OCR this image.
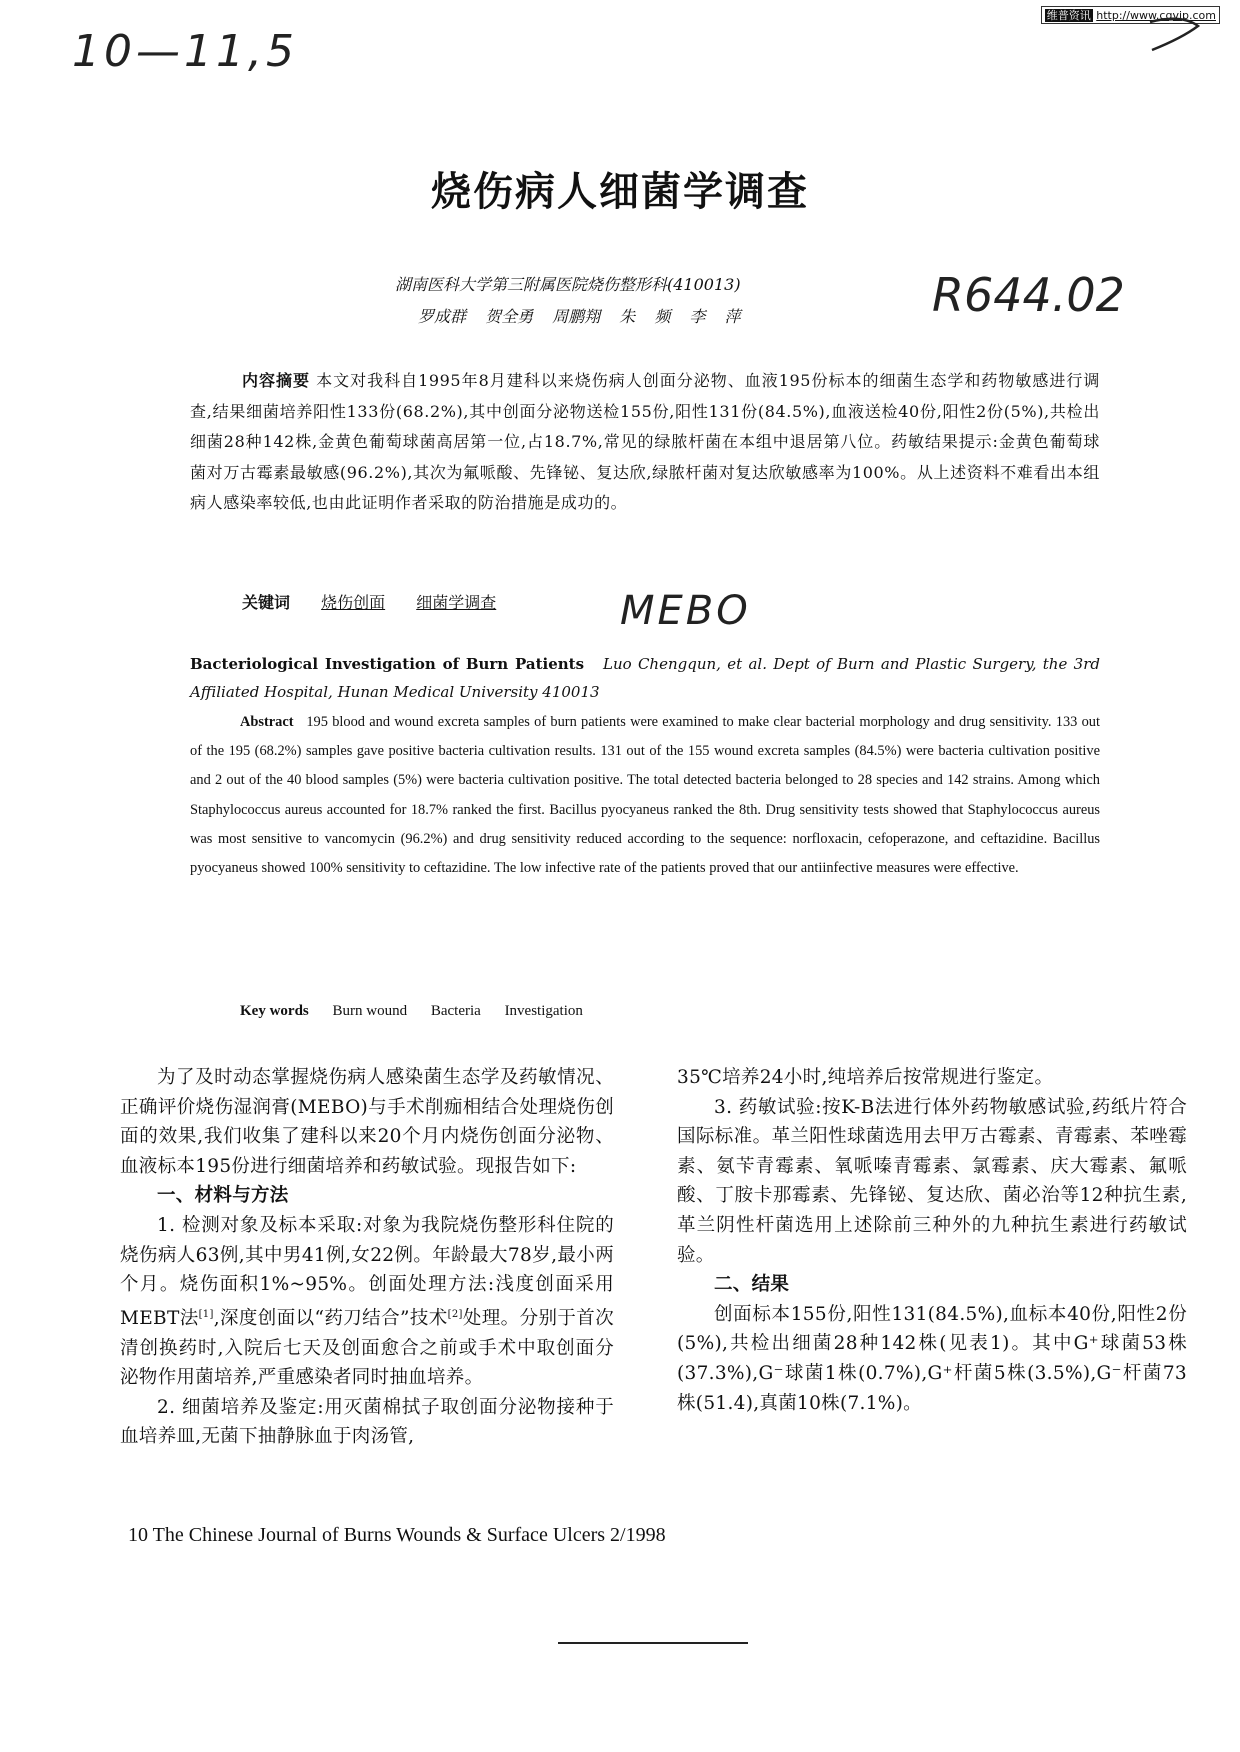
维普资讯 http://www.cqvip.com
10—11,5
R644.02
MEBO
烧伤病人细菌学调查
湖南医科大学第三附属医院烧伤整形科(410013)
罗成群 贺全勇 周鹏翔 朱 频 李 萍
内容摘要 本文对我科自1995年8月建科以来烧伤病人创面分泌物、血液195份标本的细菌生态学和药物敏感进行调查,结果细菌培养阳性133份(68.2%),其中创面分泌物送检155份,阳性131份(84.5%),血液送检40份,阳性2份(5%),共检出细菌28种142株,金黄色葡萄球菌高居第一位,占18.7%,常见的绿脓杆菌在本组中退居第八位。药敏结果提示:金黄色葡萄球菌对万古霉素最敏感(96.2%),其次为氟哌酸、先锋铋、复达欣,绿脓杆菌对复达欣敏感率为100%。从上述资料不难看出本组病人感染率较低,也由此证明作者采取的防治措施是成功的。
关键词 烧伤创面 细菌学调查
Bacteriological Investigation of Burn Patients Luo Chengqun, et al. Dept of Burn and Plastic Surgery, the 3rd Affiliated Hospital, Hunan Medical University 410013
Abstract 195 blood and wound excreta samples of burn patients were examined to make clear bacterial morphology and drug sensitivity. 133 out of the 195 (68.2%) samples gave positive bacteria cultivation results. 131 out of the 155 wound excreta samples (84.5%) were bacteria cultivation positive and 2 out of the 40 blood samples (5%) were bacteria cultivation positive. The total detected bacteria belonged to 28 species and 142 strains. Among which Staphylococcus aureus accounted for 18.7% ranked the first. Bacillus pyocyaneus ranked the 8th. Drug sensitivity tests showed that Staphylococcus aureus was most sensitive to vancomycin (96.2%) and drug sensitivity reduced according to the sequence: norfloxacin, cefoperazone, and ceftazidine. Bacillus pyocyaneus showed 100% sensitivity to ceftazidine. The low infective rate of the patients proved that our antiinfective measures were effective.
Key words Burn wound Bacteria Investigation

为了及时动态掌握烧伤病人感染菌生态学及药敏情况、正确评价烧伤湿润膏(MEBO)与手术削痂相结合处理烧伤创面的效果,我们收集了建科以来20个月内烧伤创面分泌物、血液标本195份进行细菌培养和药敏试验。现报告如下:

一、材料与方法

1. 检测对象及标本采取:对象为我院烧伤整形科住院的烧伤病人63例,其中男41例,女22例。年龄最大78岁,最小两个月。烧伤面积1%~95%。创面处理方法:浅度创面采用MEBT法[1],深度创面以“药刀结合”技术[2]处理。分别于首次清创换药时,入院后七天及创面愈合之前或手术中取创面分泌物作用菌培养,严重感染者同时抽血培养。

2. 细菌培养及鉴定:用灭菌棉拭子取创面分泌物接种于血培养皿,无菌下抽静脉血于肉汤管,

35℃培养24小时,纯培养后按常规进行鉴定。

3. 药敏试验:按K-B法进行体外药物敏感试验,药纸片符合国际标准。革兰阳性球菌选用去甲万古霉素、青霉素、苯唑霉素、氨苄青霉素、氧哌嗪青霉素、氯霉素、庆大霉素、氟哌酸、丁胺卡那霉素、先锋铋、复达欣、菌必治等12种抗生素,革兰阴性杆菌选用上述除前三种外的九种抗生素进行药敏试验。

二、结果

创面标本155份,阳性131(84.5%),血标本40份,阳性2份(5%),共检出细菌28种142株(见表1)。其中G⁺球菌53株(37.3%),G⁻球菌1株(0.7%),G⁺杆菌5株(3.5%),G⁻杆菌73株(51.4),真菌10株(7.1%)。

10 The Chinese Journal of Burns Wounds & Surface Ulcers 2/1998
